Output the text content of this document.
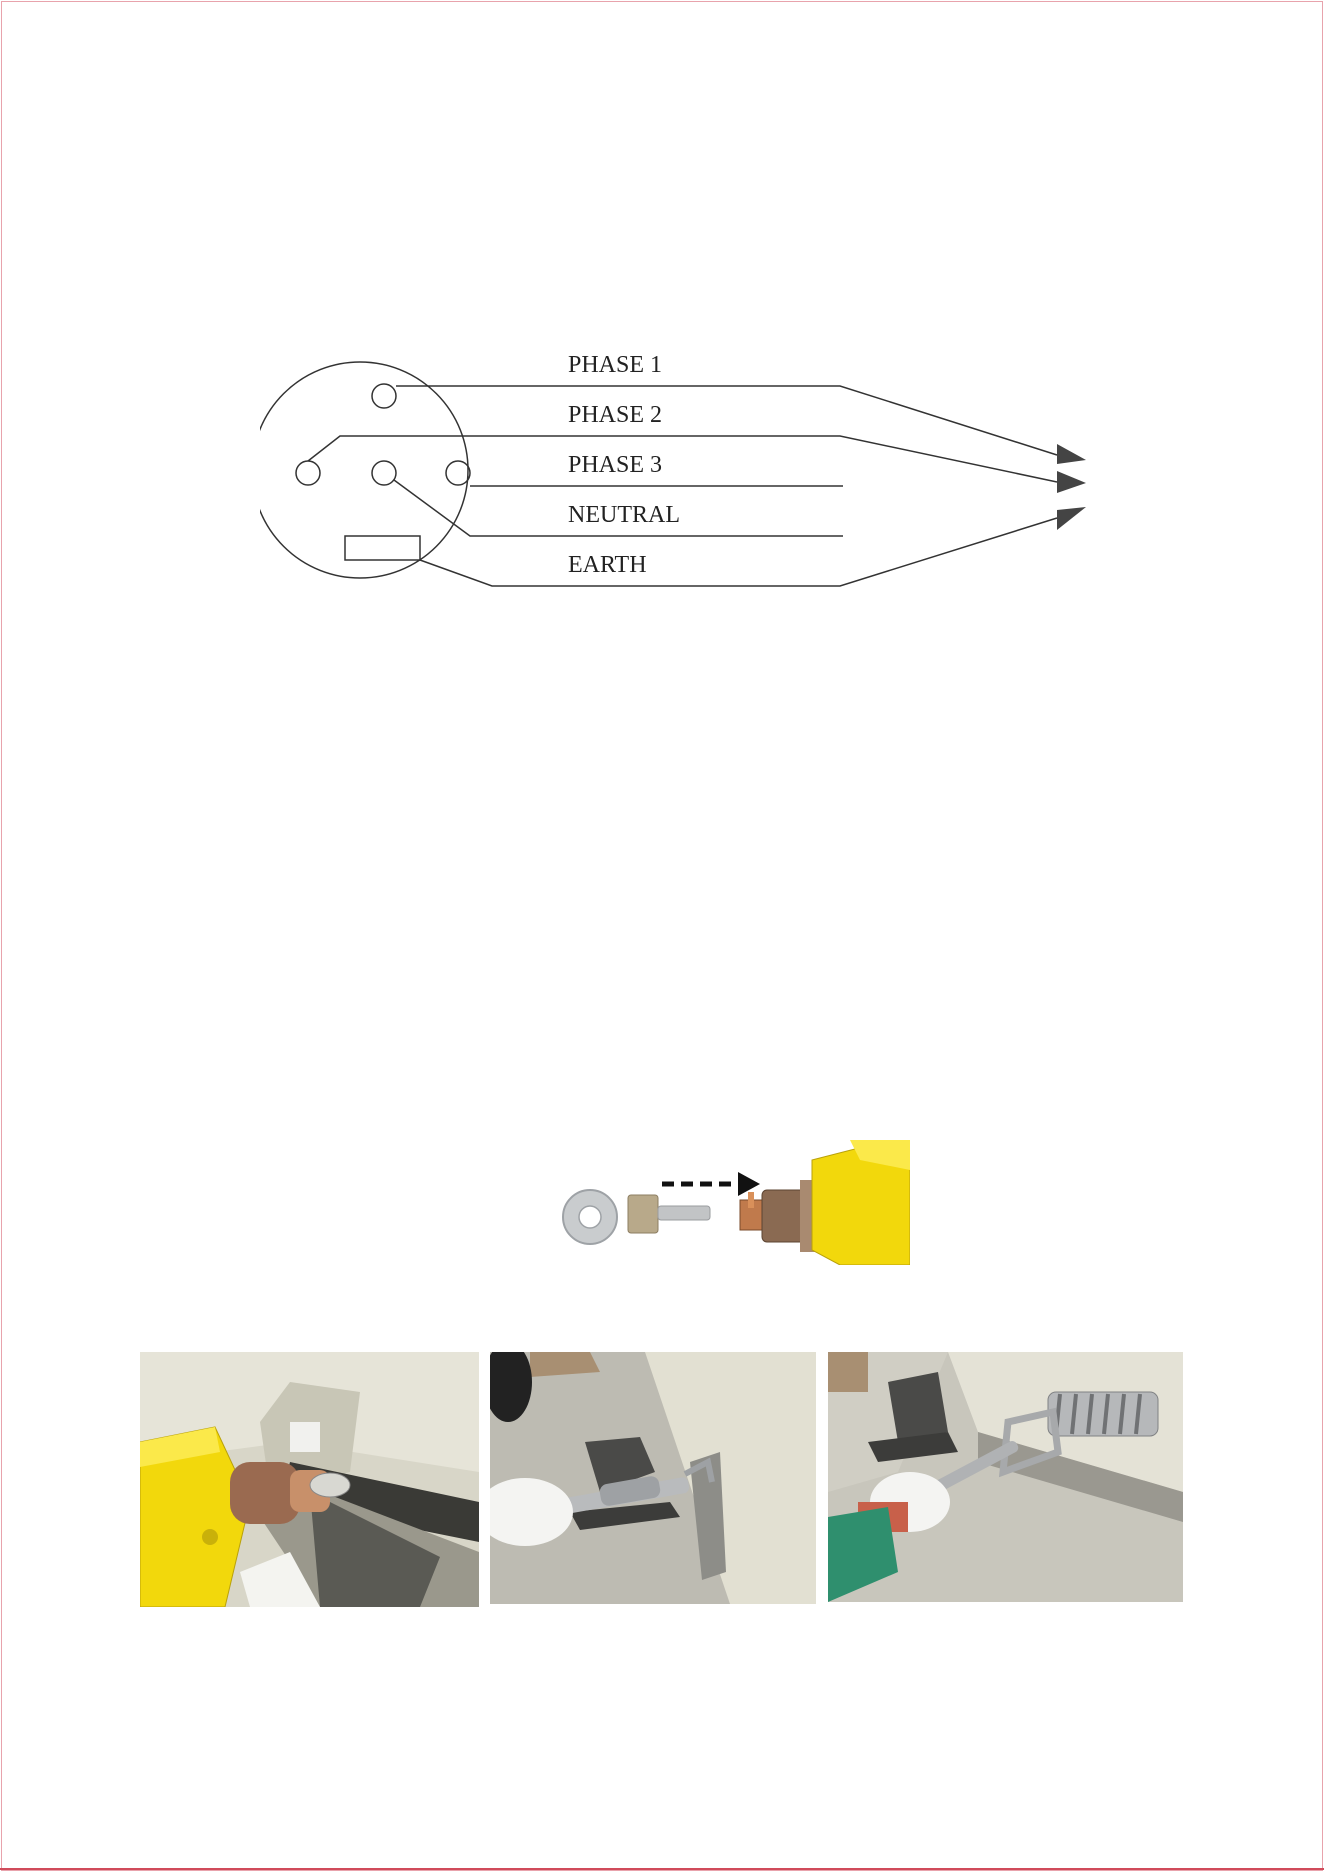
PHASE 1
PHASE 2
PHASE 3
NEUTRAL
EARTH
